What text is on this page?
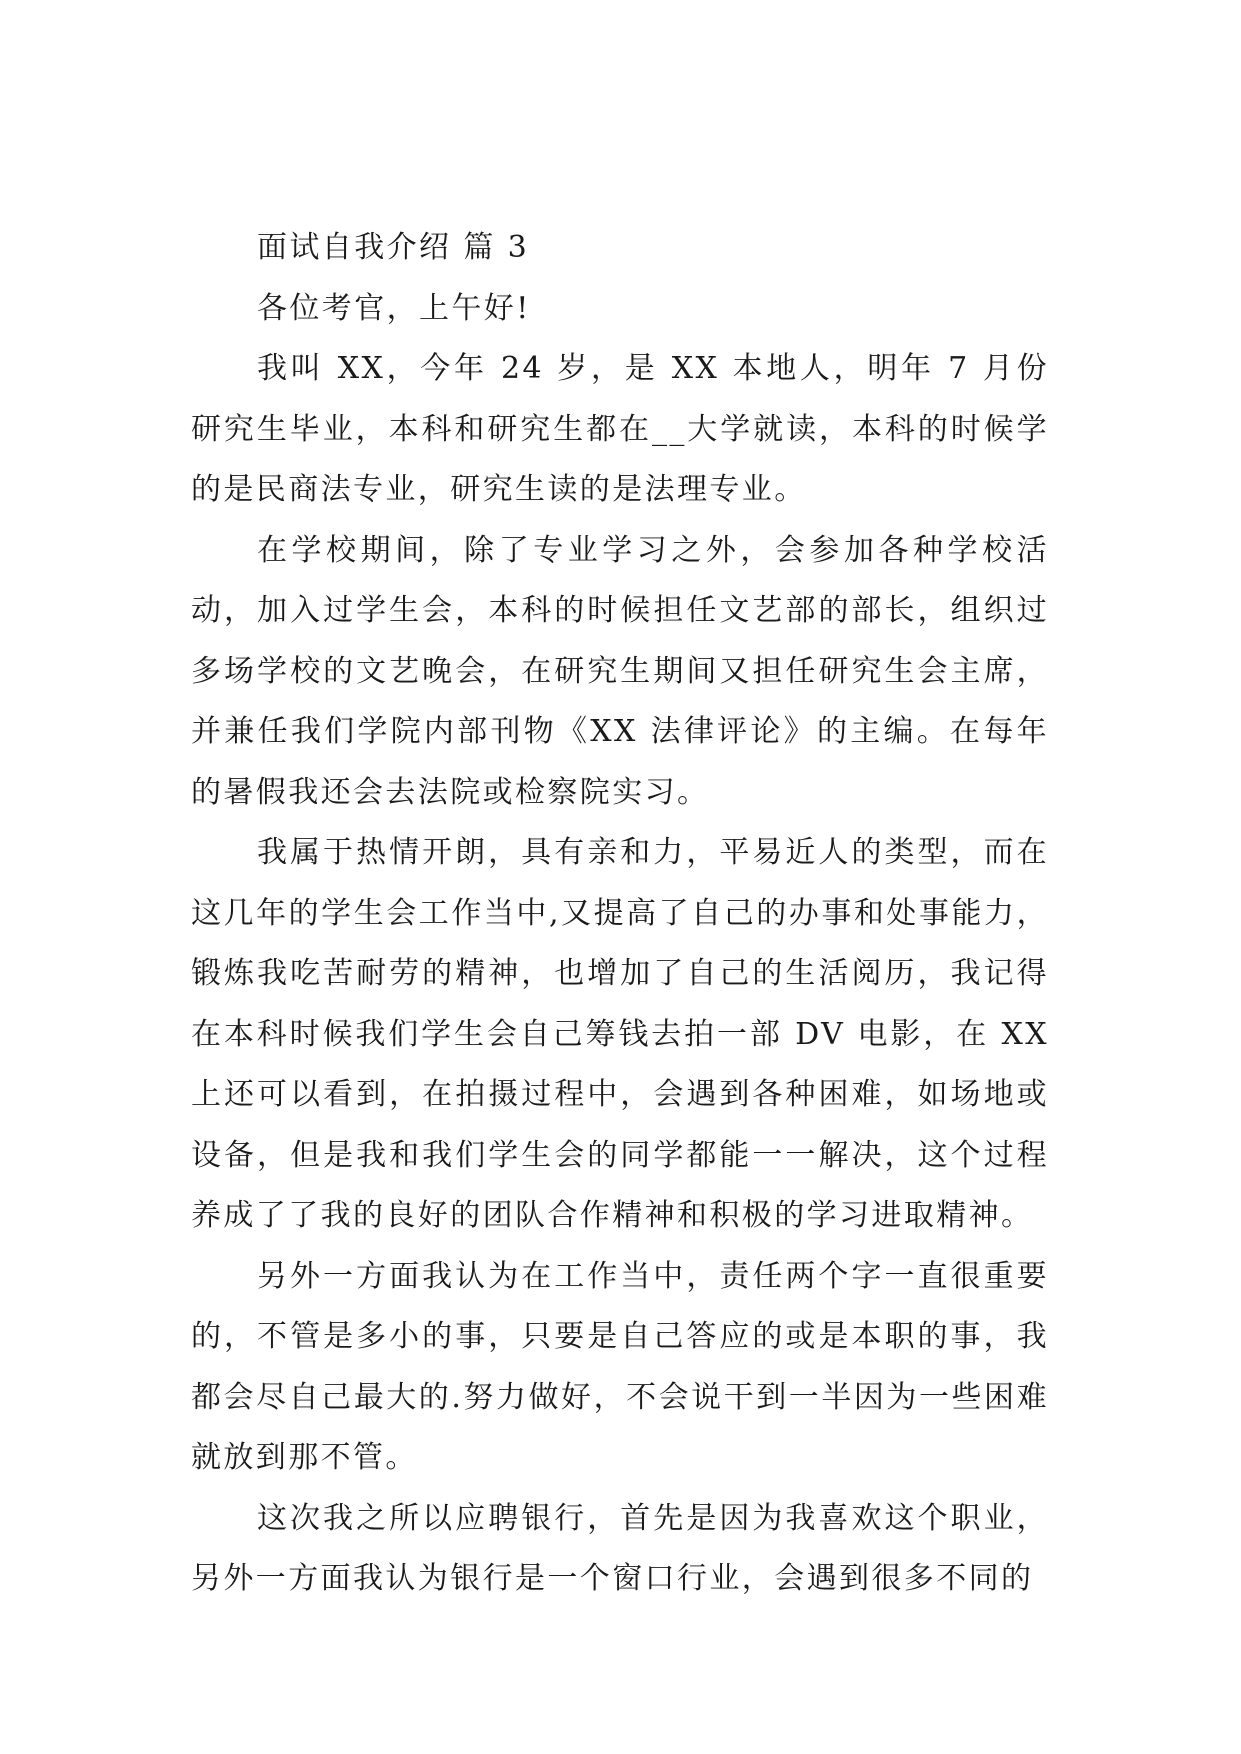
面试自我介绍 篇 3

各位考官，上午好!

我叫 XX，今年 24 岁，是 XX 本地人，明年 7 月份研究生毕业，本科和研究生都在__大学就读，本科的时候学的是民商法专业，研究生读的是法理专业。

在学校期间，除了专业学习之外，会参加各种学校活动，加入过学生会，本科的时候担任文艺部的部长，组织过多场学校的文艺晚会，在研究生期间又担任研究生会主席，并兼任我们学院内部刊物《XX 法律评论》的主编。在每年的暑假我还会去法院或检察院实习。

我属于热情开朗，具有亲和力，平易近人的类型，而在这几年的学生会工作当中,又提高了自己的办事和处事能力，锻炼我吃苦耐劳的精神，也增加了自己的生活阅历，我记得在本科时候我们学生会自己筹钱去拍一部 DV 电影，在 XX 上还可以看到，在拍摄过程中，会遇到各种困难，如场地或设备，但是我和我们学生会的同学都能一一解决，这个过程养成了了我的良好的团队合作精神和积极的学习进取精神。

另外一方面我认为在工作当中，责任两个字一直很重要的，不管是多小的事，只要是自己答应的或是本职的事，我都会尽自己最大的.努力做好，不会说干到一半因为一些困难就放到那不管。

这次我之所以应聘银行，首先是因为我喜欢这个职业，另外一方面我认为银行是一个窗口行业，会遇到很多不同的
